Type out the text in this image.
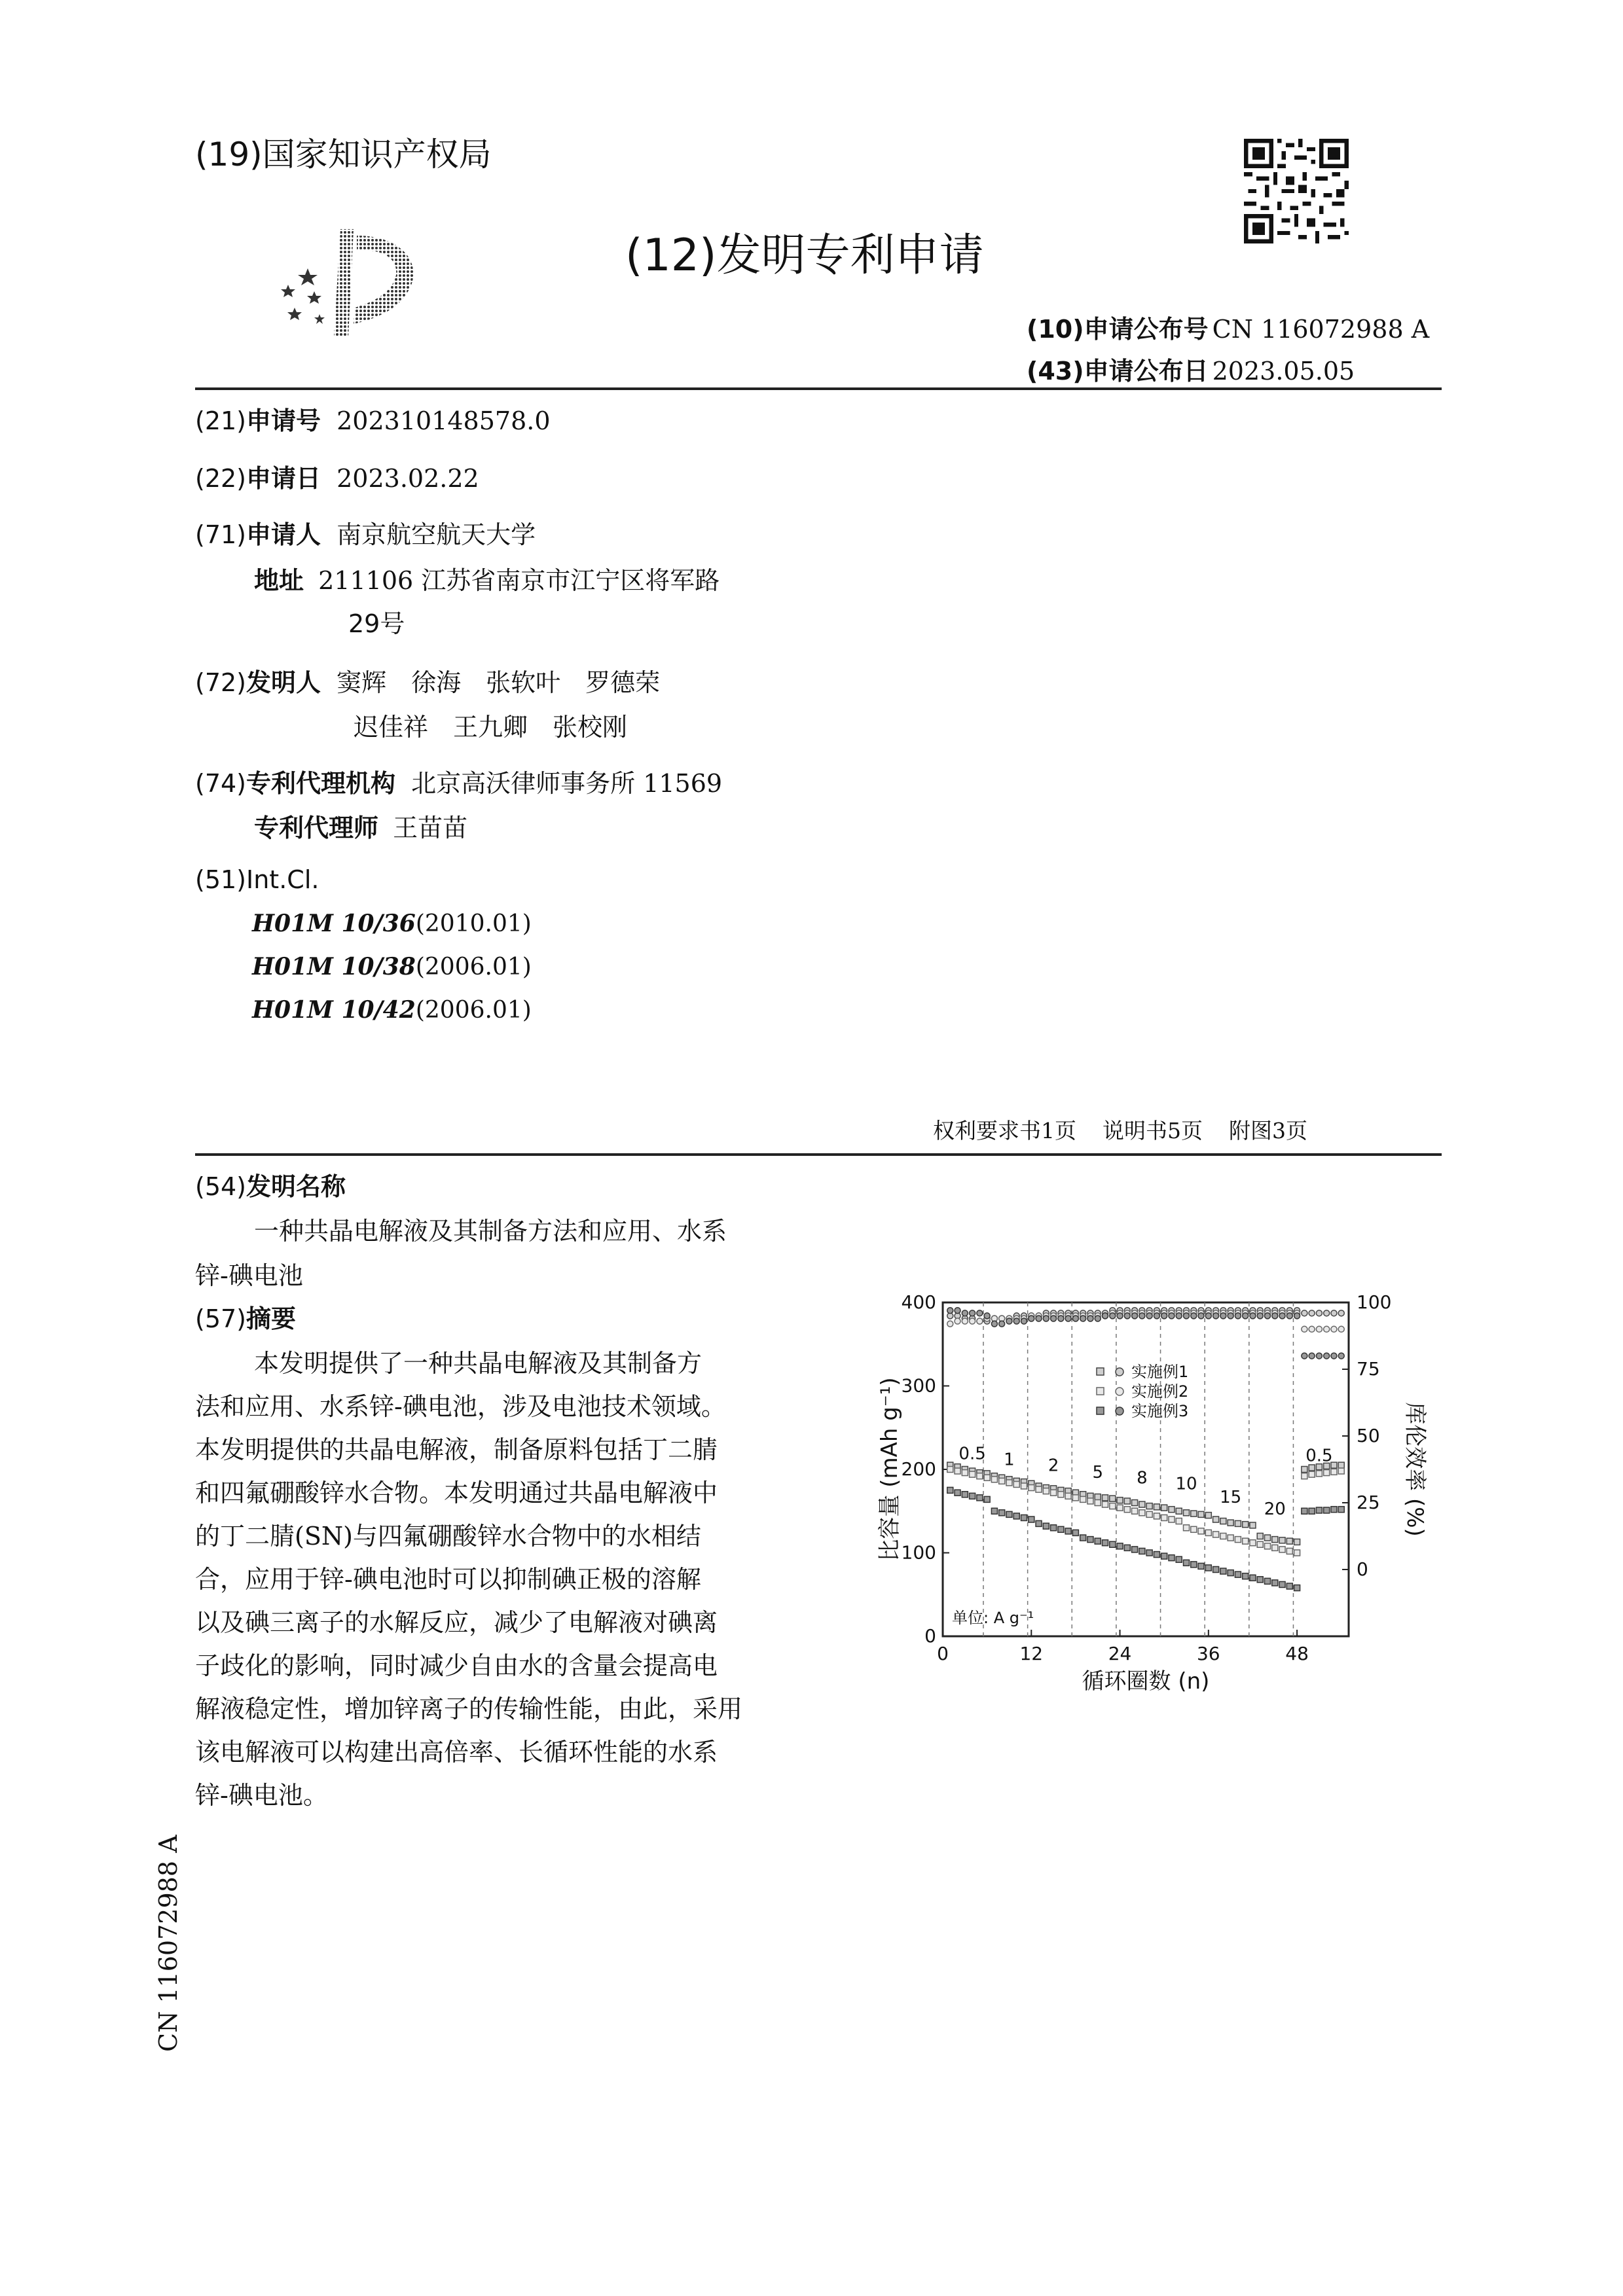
(19)国家知识产权局
(12)发明专利申请
(10)申请公布号 CN 116072988 A
(43)申请公布日 2023.05.05
(21)申请号 202310148578.0
(22)申请日 2023.02.22
(71)申请人 南京航空航天大学
地址 211106 江苏省南京市江宁区将军路
29号
(72)发明人 窦辉　徐海　张软叶　罗德荣
迟佳祥　王九卿　张校刚
(74)专利代理机构 北京高沃律师事务所 11569
专利代理师 王苗苗
(51)Int.Cl.
H01M 10/36(2010.01)
H01M 10/38(2006.01)
H01M 10/42(2006.01)
权利要求书1页 说明书5页 附图3页
(54)发明名称
一种共晶电解液及其制备方法和应用、水系
锌-碘电池
(57)摘要
本发明提供了一种共晶电解液及其制备方
法和应用、水系锌-碘电池，涉及电池技术领域。
本发明提供的共晶电解液，制备原料包括丁二腈
和四氟硼酸锌水合物。本发明通过共晶电解液中
的丁二腈(SN)与四氟硼酸锌水合物中的水相结
合，应用于锌-碘电池时可以抑制碘正极的溶解
以及碘三离子的水解反应，减少了电解液对碘离
子歧化的影响，同时减少自由水的含量会提高电
解液稳定性，增加锌离子的传输性能，由此，采用
该电解液可以构建出高倍率、长循环性能的水系
锌-碘电池。
0	12	24	36	48
0
100
200
300
400
0
25
50
75
100
循环圈数 (n)
比容量 (mAh g⁻¹)	库伦效率 (%)
0.5 1 2 5 8 10
15
20
0.5
实施例1
实施例2
实施例3
单位: A g⁻¹
CN 116072988 A
